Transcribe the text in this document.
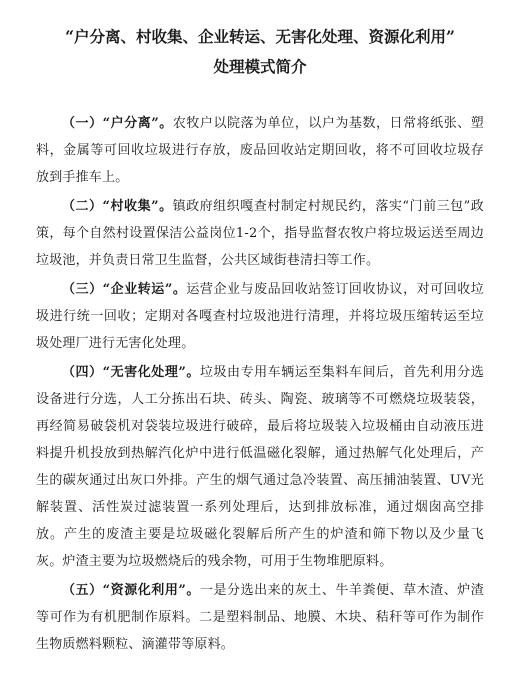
“户分离、村收集、企业转运、无害化处理、资源化利用”

处理模式简介

（一）“户分离”。农牧户以院落为单位，以户为基数，日常将纸张、塑料，金属等可回收垃圾进行存放，废品回收站定期回收，将不可回收垃圾存放到手推车上。

（二）“村收集”。镇政府组织嘎查村制定村规民约，落实“门前三包”政策，每个自然村设置保洁公益岗位1-2个，指导监督农牧户将垃圾运送至周边垃圾池，并负责日常卫生监督，公共区域街巷清扫等工作。

（三）“企业转运”。运营企业与废品回收站签订回收协议，对可回收垃圾进行统一回收；定期对各嘎查村垃圾池进行清理，并将垃圾压缩转运至垃圾处理厂进行无害化处理。

（四）“无害化处理”。垃圾由专用车辆运至集料车间后，首先利用分选设备进行分选，人工分拣出石块、砖头、陶瓷、玻璃等不可燃烧垃圾装袋，再经简易破袋机对袋装垃圾进行破碎，最后将垃圾装入垃圾桶由自动液压进料提升机投放到热解汽化炉中进行低温磁化裂解，通过热解气化处理后，产生的碳灰通过出灰口外排。产生的烟气通过急冷装置、高压捕油装置、UV光解装置、活性炭过滤装置一系列处理后，达到排放标准，通过烟囱高空排放。产生的废渣主要是垃圾磁化裂解后所产生的炉渣和筛下物以及少量飞灰。炉渣主要为垃圾燃烧后的残余物，可用于生物堆肥原料。

（五）“资源化利用”。一是分选出来的灰土、牛羊粪便、草木渣、炉渣等可作为有机肥制作原料。二是塑料制品、地膜、木块、秸秆等可作为制作生物质燃料颗粒、滴灌带等原料。
